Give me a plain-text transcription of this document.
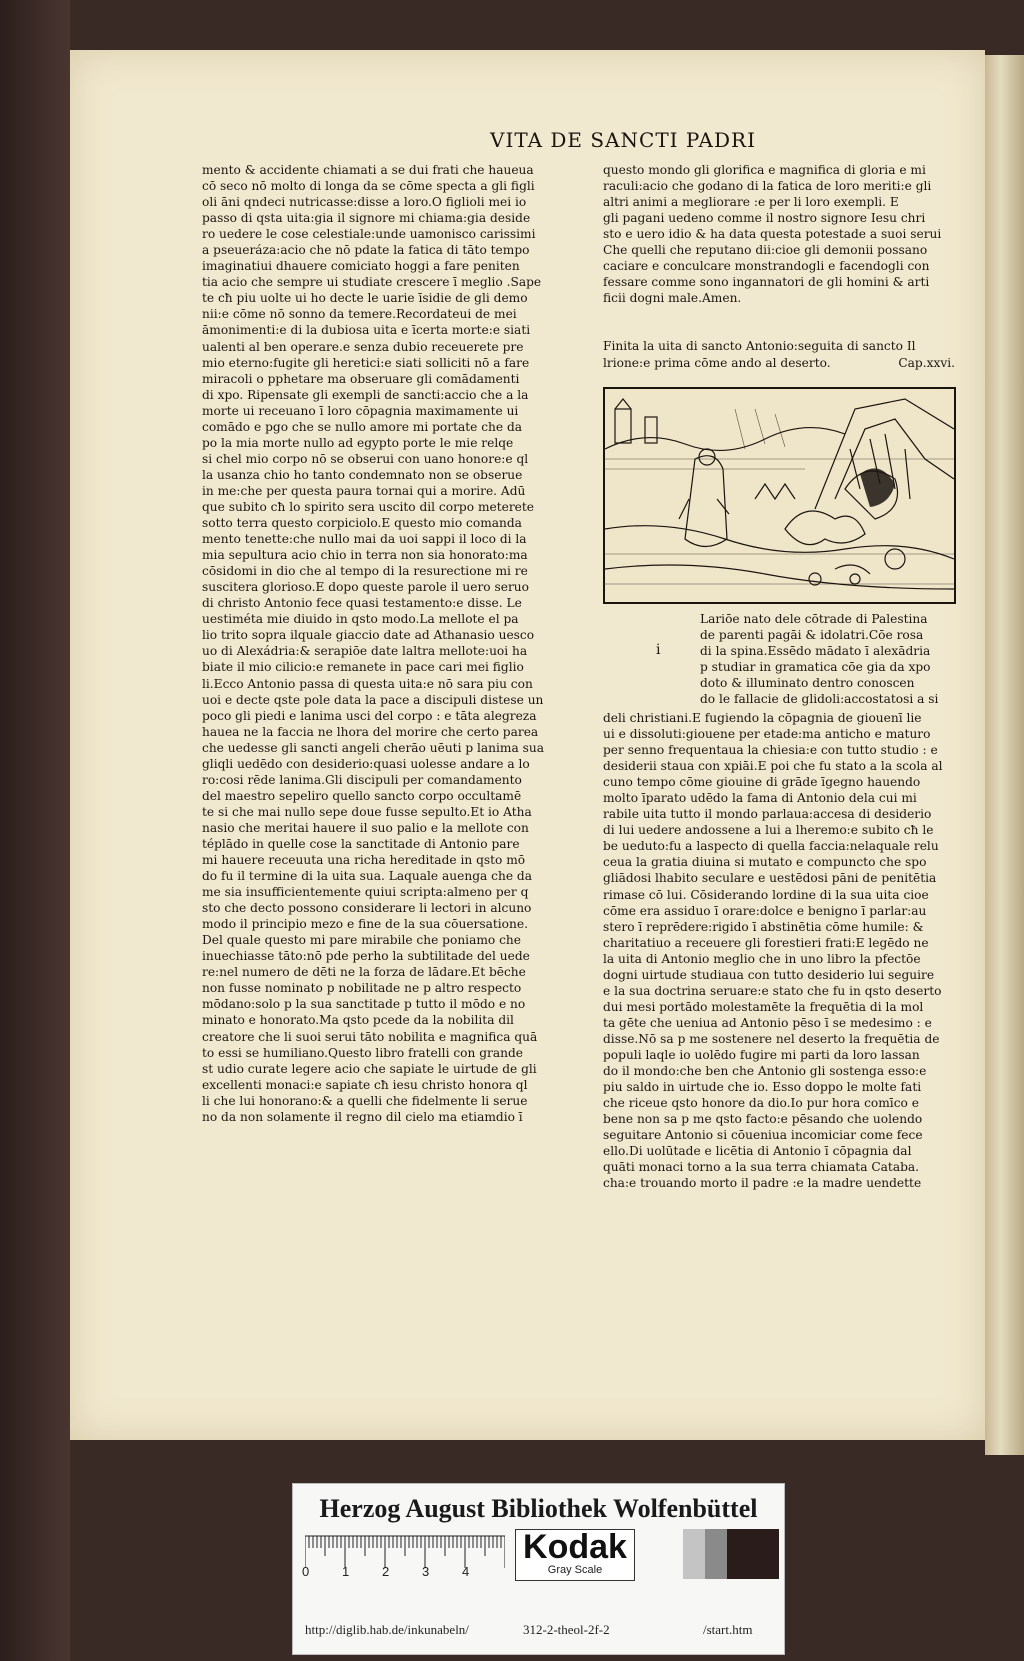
VITA DE SANCTI PADRI

mento & accidente chiamati a se dui frati che haueua

cō seco nō molto di longa da se cōme specta a gli figli

oli āni qndeci nutricasse:disse a loro.O figlioli mei io

passo di qsta uita:gia il signore mi chiama:gia deside

ro uedere le cose celestiale:unde uamonisco carissimi

a pseueráza:acio che nō pdate la fatica di tāto tempo

imaginatiui dhauere comiciato hoggi a fare peniten

tia acio che sempre ui studiate crescere ī meglio .Sape

te cħ piu uolte ui ho decte le uarie īsidie de gli demo

nii:e cōme nō sonno da temere.Recordateui de mei

āmonimenti:e di la dubiosa uita e īcerta morte:e siati

ualenti al ben operare.e senza dubio receuerete pre

mio eterno:fugite gli heretici:e siati solliciti nō a fare

miracoli o pphetare ma obseruare gli comādamenti

di xpo. Ripensate gli exempli de sancti:accio che a la

morte ui receuano ī loro cōpagnia maximamente ui

comādo e pgo che se nullo amore mi portate che da

po la mia morte nullo ad egypto porte le mie relqe

si chel mio corpo nō se obserui con uano honore:e ql

la usanza chio ho tanto condemnato non se obserue

in me:che per questa paura tornai qui a morire. Adū

que subito cħ lo spirito sera uscito dil corpo meterete

sotto terra questo corpiciolo.E questo mio comanda

mento tenette:che nullo mai da uoi sappi il loco di la

mia sepultura acio chio in terra non sia honorato:ma

cōsidomi in dio che al tempo di la resurectione mi re

suscitera glorioso.E dopo queste parole il uero seruo

di christo Antonio fece quasi testamento:e disse. Le

uestiméta mie diuido in qsto modo.La mellote el pa

lio trito sopra ilquale giaccio date ad Athanasio uesco

uo di Alexádria:& serapiōe date laltra mellote:uoi ha

biate il mio cilicio:e remanete in pace cari mei figlio

li.Ecco Antonio passa di questa uita:e nō sara piu con

uoi e decte qste pole data la pace a discipuli distese un

poco gli piedi e lanima usci del corpo : e tāta alegreza

hauea ne la faccia ne lhora del morire che certo parea

che uedesse gli sancti angeli cherāo uēuti p lanima sua

gliqli uedēdo con desiderio:quasi uolesse andare a lo

ro:cosi rēde lanima.Gli discipuli per comandamento

del maestro sepeliro quello sancto corpo occultamē

te si che mai nullo sepe doue fusse sepulto.Et io Atha

nasio che meritai hauere il suo palio e la mellote con

téplādo in quelle cose la sanctitade di Antonio pare

mi hauere receuuta una richa hereditade in qsto mō

do fu il termine di la uita sua. Laquale auenga che da

me sia insufficientemente quiui scripta:almeno per q

sto che decto possono considerare li lectori in alcuno

modo il principio mezo e fine de la sua cōuersatione.

Del quale questo mi pare mirabile che poniamo che

inuechiasse tāto:nō pde perho la subtilitade del uede

re:nel numero de dēti ne la forza de lādare.Et bēche

non fusse nominato p nobilitade ne p altro respecto

mōdano:solo p la sua sanctitade p tutto il mōdo e no

minato e honorato.Ma qsto pcede da la nobilita dil

creatore che li suoi serui tāto nobilita e magnifica quā

to essi se humiliano.Questo libro fratelli con grande

st udio curate legere acio che sapiate le uirtude de gli

excellenti monaci:e sapiate cħ iesu christo honora ql

li che lui honorano:& a quelli che fidelmente li serue

no da non solamente il regno dil cielo ma etiamdio ī

questo mondo gli glorifica e magnifica di gloria e mi

raculi:acio che godano di la fatica de loro meriti:e gli

altri animi a megliorare :e per li loro exempli. E

gli pagani uedeno comme il nostro signore Iesu chri

sto e uero idio & ha data questa potestade a suoi serui

Che quelli che reputano dii:cioe gli demonii possano

caciare e conculcare monstrandogli e facendogli con

fessare comme sono ingannatori de gli homini & arti

ficii dogni male.Amen.

Finita la uita di sancto Antonio:seguita di sancto Il
lrione:e prima cōme ando al deserto.	Cap.xxvi.
i

Lariōe nato dele cōtrade di Palestina

de parenti pagāi & idolatri.Cōe rosa

di la spina.Essēdo mādato ī alexādria

p studiar in gramatica cōe gia da xpo

doto & illuminato dentro conoscen

do le fallacie de glidoli:accostatosi a si

deli christiani.E fugiendo la cōpagnia de giouenī lie

ui e dissoluti:giouene per etade:ma anticho e maturo

per senno frequentaua la chiesia:e con tutto studio : e

desiderii staua con xpiāi.E poi che fu stato a la scola al

cuno tempo cōme giouine di grāde īgegno hauendo

molto īparato udēdo la fama di Antonio dela cui mi

rabile uita tutto il mondo parlaua:accesa di desiderio

di lui uedere andossene a lui a lheremo:e subito cħ le

be ueduto:fu a laspecto di quella faccia:nelaquale relu

ceua la gratia diuina si mutato e compuncto che spo

gliādosi lhabito seculare e uestēdosi pāni de penitētia

rimase cō lui. Cōsiderando lordine di la sua uita cioe

cōme era assiduo ī orare:dolce e benigno ī parlar:au

stero ī reprēdere:rigido ī abstinētia cōme humile: &

charitatiuo a receuere gli forestieri frati:E legēdo ne

la uita di Antonio meglio che in uno libro la pfectōe

dogni uirtude studiaua con tutto desiderio lui seguire

e la sua doctrina seruare:e stato che fu in qsto deserto

dui mesi portādo molestamēte la frequētia di la mol

ta gēte che ueniua ad Antonio pēso ī se medesimo : e

disse.Nō sa p me sostenere nel deserto la frequētia de

populi laqle io uolēdo fugire mi parti da loro lassan

do il mondo:che ben che Antonio gli sostenga esso:e

piu saldo in uirtude che io. Esso doppo le molte fati

che riceue qsto honore da dio.Io pur hora comīco e

bene non sa p me qsto facto:e pēsando che uolendo

seguitare Antonio si cōueniua incomiciar come fece

ello.Di uolūtade e licētia di Antonio ī cōpagnia dal

quāti monaci torno a la sua terra chiamata Cataba.

cha:e trouando morto il padre :e la madre uendette

Herzog August Bibliothek Wolfenbüttel
0	1	2	3	4
Kodak
Gray Scale
http://diglib.hab.de/inkunabeln/	312-2-theol-2f-2	/start.htm
